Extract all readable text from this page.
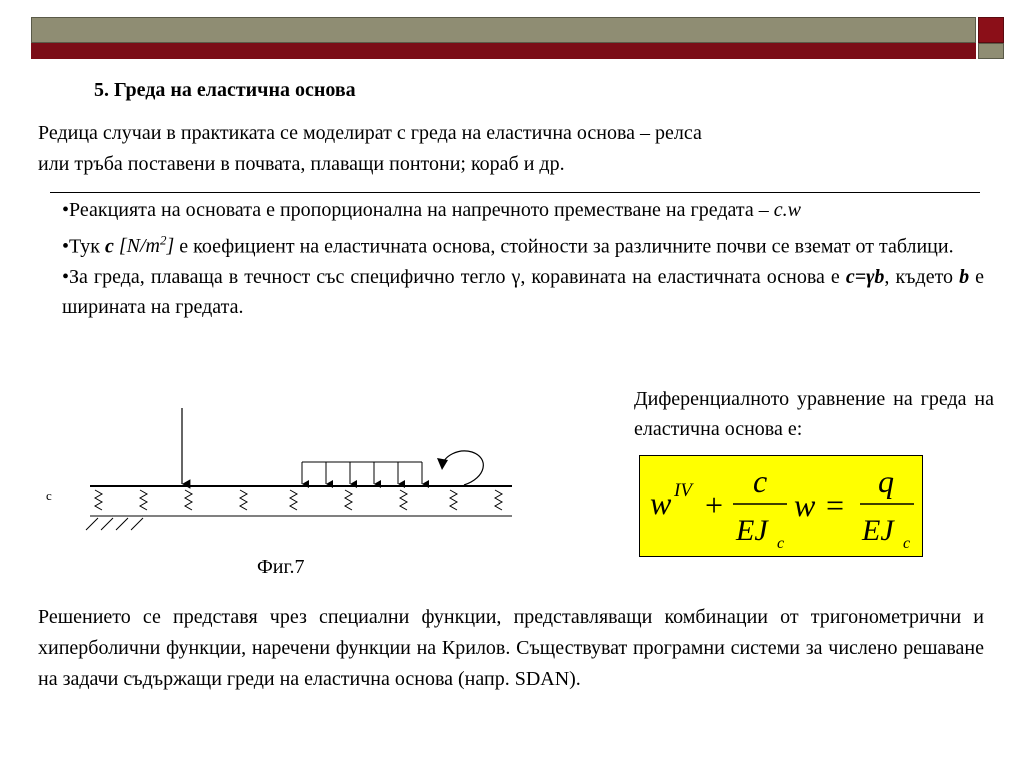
5. Греда на еластична основа
Редица случаи в практиката се моделират с греда на еластична основа – релса
или тръба поставени в почвата, плаващи понтони; кораб и др.

•Реакцията на основата е пропорционална на напречното преместване на гредата – c.w

•Тук c $[N/m^2]$ е коефициент на еластичната основа, стойности за различните почви се вземат от таблици.

•За греда, плаваща в течност със специфично тегло γ, коравината на еластичната основа е c=γb, където b е ширината на гредата.

Диференциалното уравнение на греда на еластична основа е:
w IV +
c
EJ c
w =
q
EJ c
c
Фиг.7

Решението се представя чрез специални функции, представляващи комбинации от тригонометрични и хиперболични функции, наречени функции на Крилов. Съществуват програмни системи за числено решаване на задачи съдържащи греди на еластична основа (напр. SDAN).
